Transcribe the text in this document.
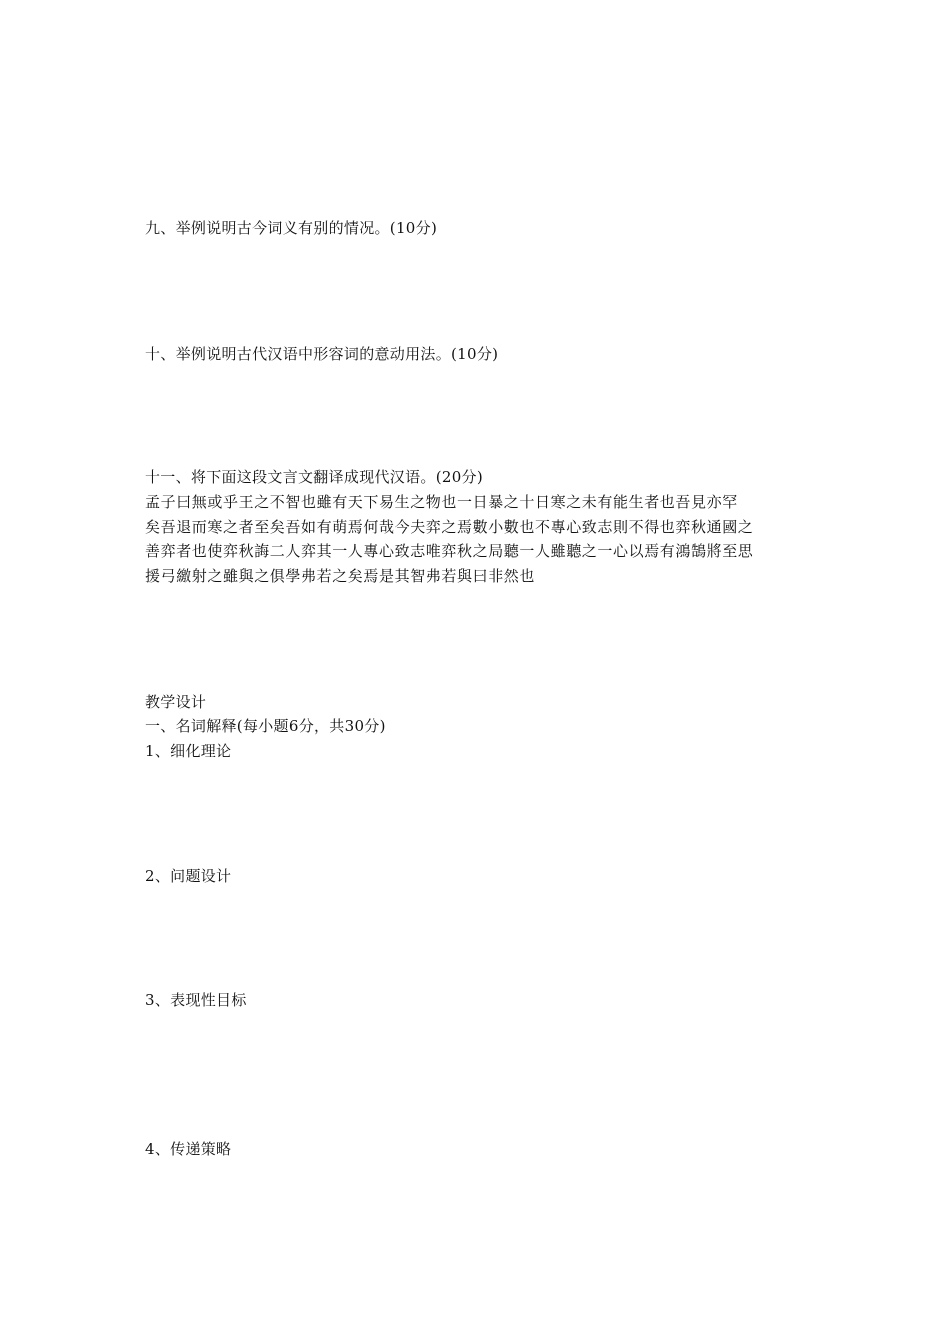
九、举例说明古今词义有别的情况。(10分)
十、举例说明古代汉语中形容词的意动用法。(10分)
十一、将下面这段文言文翻译成现代汉语。(20分)
孟子曰無或乎王之不智也雖有天下易生之物也一日暴之十日寒之未有能生者也吾見亦罕
矣吾退而寒之者至矣吾如有萌焉何哉今夫弈之焉數小數也不專心致志則不得也弈秋通國之
善弈者也使弈秋誨二人弈其一人專心致志唯弈秋之局聽一人雖聽之一心以焉有鴻鵠將至思
援弓繳射之雖與之俱學弗若之矣焉是其智弗若與曰非然也
教学设计
一、名词解释(每小题6分，共30分)
1、细化理论
2、问题设计
3、表现性目标
4、传递策略
